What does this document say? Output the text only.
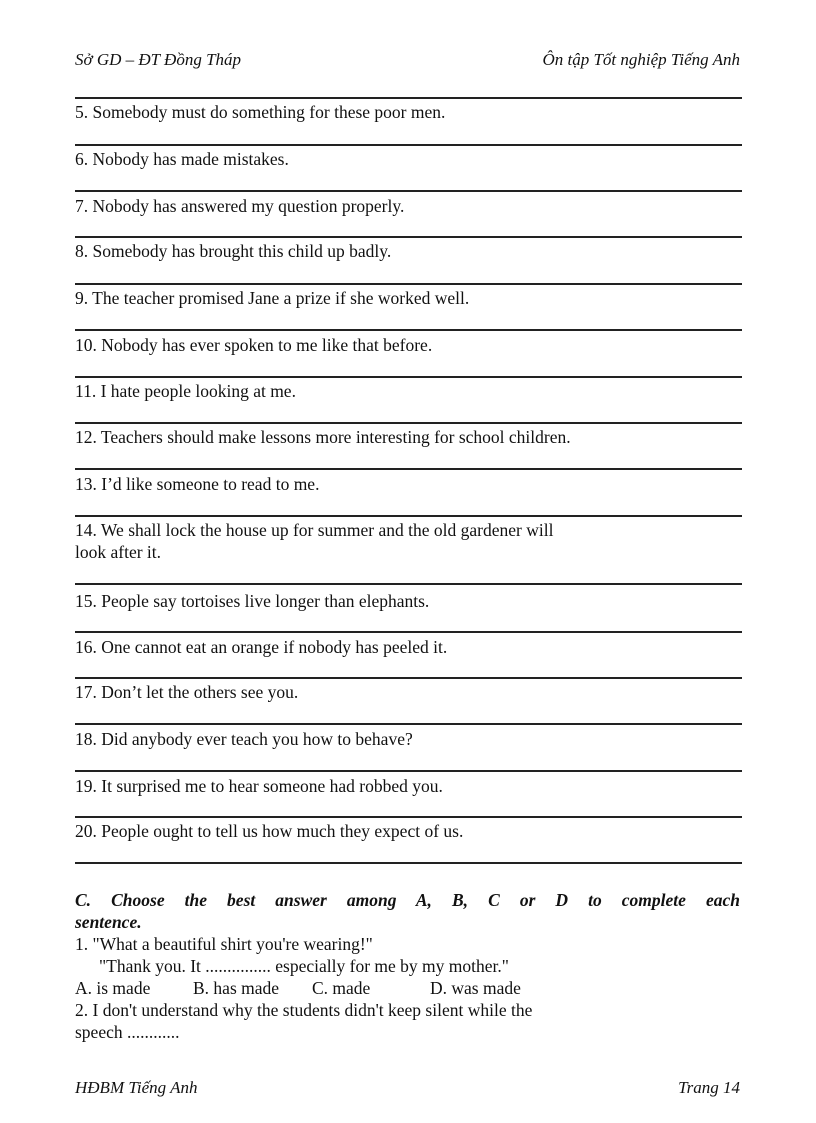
Sở GD – ĐT Đồng Tháp	Ôn tập Tốt nghiệp Tiếng Anh
5. Somebody must do something for these poor men.
6. Nobody has made mistakes.
7. Nobody has answered my question properly.
8. Somebody has brought this child up badly.
9. The teacher promised Jane a prize if she worked well.
10. Nobody has ever spoken to me like that before.
11. I hate people looking at me.
12. Teachers should make lessons more interesting for school children.
13. I’d like someone to read to me.
14. We shall lock the house up for summer and the old gardener will
look after it.
15. People say tortoises live longer than elephants.
16. One cannot eat an orange if nobody has peeled it.
17. Don’t let the others see you.
18. Did anybody ever teach you how to behave?
19. It surprised me to hear someone had robbed you.
20. People ought to tell us how much they expect of us.
C. Choose the best answer among A, B, C or D to complete each
sentence.
1. "What a beautiful shirt you're wearing!"
"Thank you. It ............... especially for me by my mother."
A. is made B. has made C. made	D. was made
2. I don't understand why the students didn't keep silent while the
speech ............
HĐBM Tiếng Anh	Trang 14
